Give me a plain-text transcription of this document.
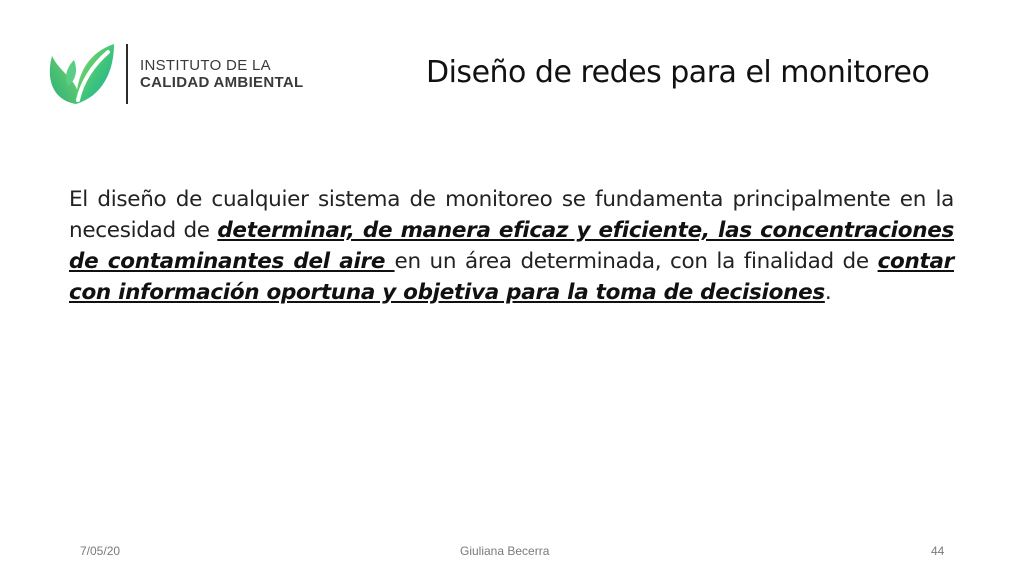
INSTITUTO DE LA
CALIDAD AMBIENTAL	Diseño de redes para el monitoreo
El diseño de cualquier sistema de monitoreo se fundamenta principalmente en la necesidad de determinar, de manera eficaz y eficiente, las concentraciones de contaminantes del aire en un área determinada, con la finalidad de contar con información oportuna y objetiva para la toma de decisiones.
7/05/20	Giuliana Becerra	44
